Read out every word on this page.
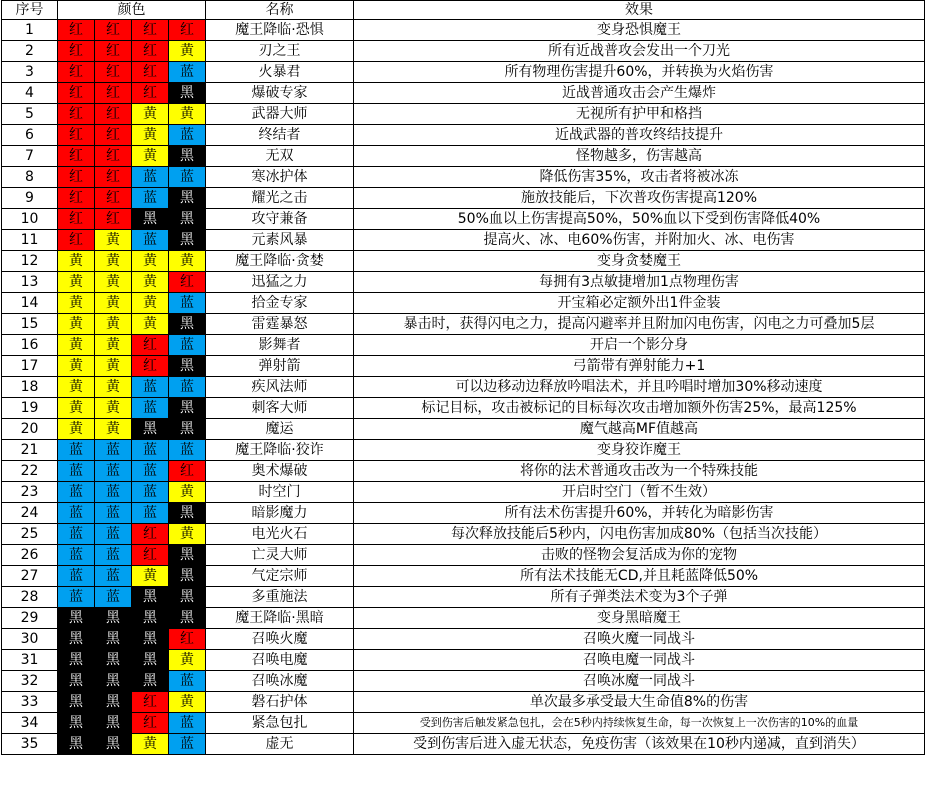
序号	颜色				名称	效果
1	红	红	红	红	魔王降临·恐惧	变身恐惧魔王
2	红	红	红	黄	刃之王	所有近战普攻会发出一个刀光
3	红	红	红	蓝	火暴君	所有物理伤害提升60%，并转换为火焰伤害
4	红	红	红	黑	爆破专家	近战普通攻击会产生爆炸
5	红	红	黄	黄	武器大师	无视所有护甲和格挡
6	红	红	黄	蓝	终结者	近战武器的普攻终结技提升
7	红	红	黄	黑	无双	怪物越多，伤害越高
8	红	红	蓝	蓝	寒冰护体	降低伤害35%，攻击者将被冰冻
9	红	红	蓝	黑	耀光之击	施放技能后，下次普攻伤害提高120%
10	红	红	黑	黑	攻守兼备	50%血以上伤害提高50%，50%血以下受到伤害降低40%
11	红	黄	蓝	黑	元素风暴	提高火、冰、电60%伤害，并附加火、冰、电伤害
12	黄	黄	黄	黄	魔王降临·贪婪	变身贪婪魔王
13	黄	黄	黄	红	迅猛之力	每拥有3点敏捷增加1点物理伤害
14	黄	黄	黄	蓝	拾金专家	开宝箱必定额外出1件金装
15	黄	黄	黄	黑	雷霆暴怒	暴击时，获得闪电之力，提高闪避率并且附加闪电伤害，闪电之力可叠加5层
16	黄	黄	红	蓝	影舞者	开启一个影分身
17	黄	黄	红	黑	弹射箭	弓箭带有弹射能力+1
18	黄	黄	蓝	蓝	疾风法师	可以边移动边释放吟唱法术，并且吟唱时增加30%移动速度
19	黄	黄	蓝	黑	刺客大师	标记目标，攻击被标记的目标每次攻击增加额外伤害25%，最高125%
20	黄	黄	黑	黑	魔运	魔气越高MF值越高
21	蓝	蓝	蓝	蓝	魔王降临·狡诈	变身狡诈魔王
22	蓝	蓝	蓝	红	奥术爆破	将你的法术普通攻击改为一个特殊技能
23	蓝	蓝	蓝	黄	时空门	开启时空门（暂不生效）
24	蓝	蓝	蓝	黑	暗影魔力	所有法术伤害提升60%，并转化为暗影伤害
25	蓝	蓝	红	黄	电光火石	每次释放技能后5秒内，闪电伤害加成80%（包括当次技能）
26	蓝	蓝	红	黑	亡灵大师	击败的怪物会复活成为你的宠物
27	蓝	蓝	黄	黑	气定宗师	所有法术技能无CD,并且耗蓝降低50%
28	蓝	蓝	黑	黑	多重施法	所有子弹类法术变为3个子弹
29	黑	黑	黑	黑	魔王降临·黑暗	变身黑暗魔王
30	黑	黑	黑	红	召唤火魔	召唤火魔一同战斗
31	黑	黑	黑	黄	召唤电魔	召唤电魔一同战斗
32	黑	黑	黑	蓝	召唤冰魔	召唤冰魔一同战斗
33	黑	黑	红	黄	磐石护体	单次最多承受最大生命值8%的伤害
34	黑	黑	红	蓝	紧急包扎	受到伤害后触发紧急包扎，会在5秒内持续恢复生命，每一次恢复上一次伤害的10%的血量
35	黑	黑	黄	蓝	虚无	受到伤害后进入虚无状态，免疫伤害（该效果在10秒内递减，直到消失）
